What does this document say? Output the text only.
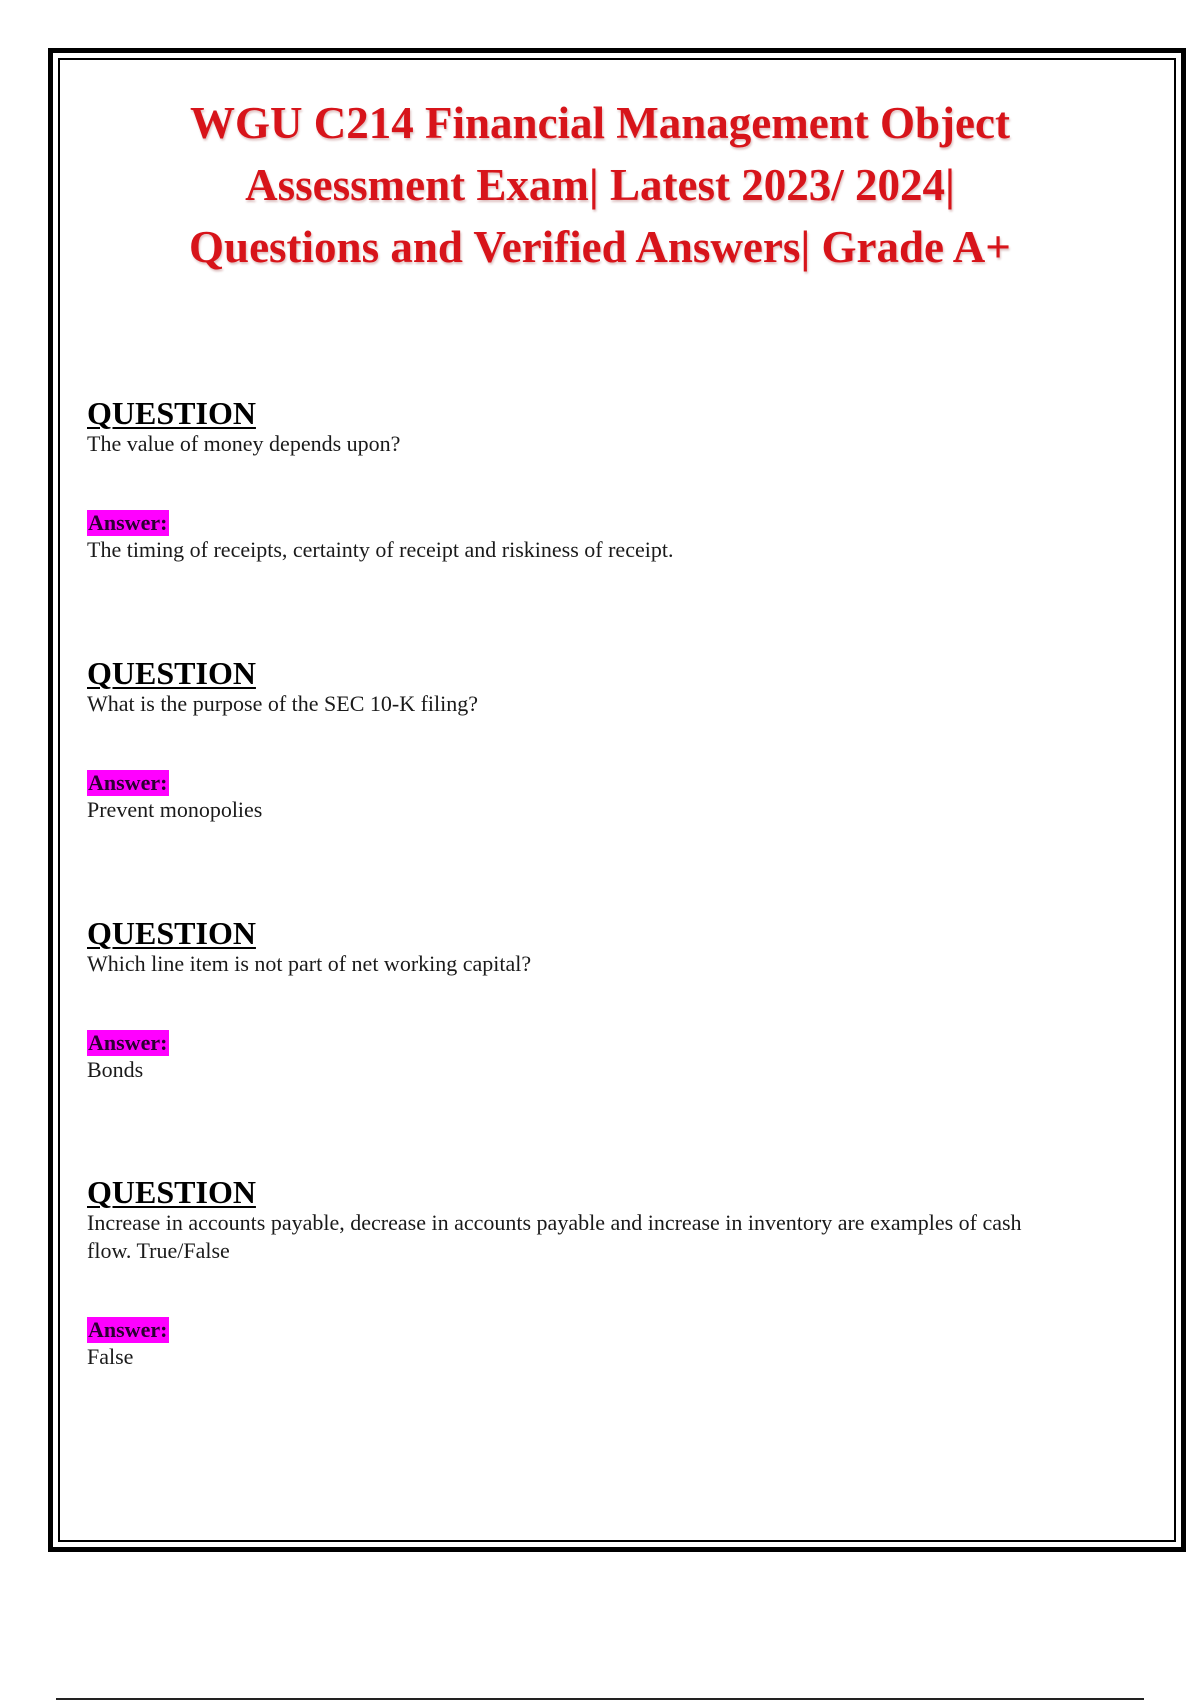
WGU C214 Financial Management Object
Assessment Exam| Latest 2023/ 2024|
Questions and Verified Answers| Grade A+
QUESTION
The value of money depends upon?
Answer:
The timing of receipts, certainty of receipt and riskiness of receipt.
QUESTION
What is the purpose of the SEC 10-K filing?
Answer:
Prevent monopolies
QUESTION
Which line item is not part of net working capital?
Answer:
Bonds
QUESTION
Increase in accounts payable, decrease in accounts payable and increase in inventory are examples of cash flow. True/False
Answer:
False
